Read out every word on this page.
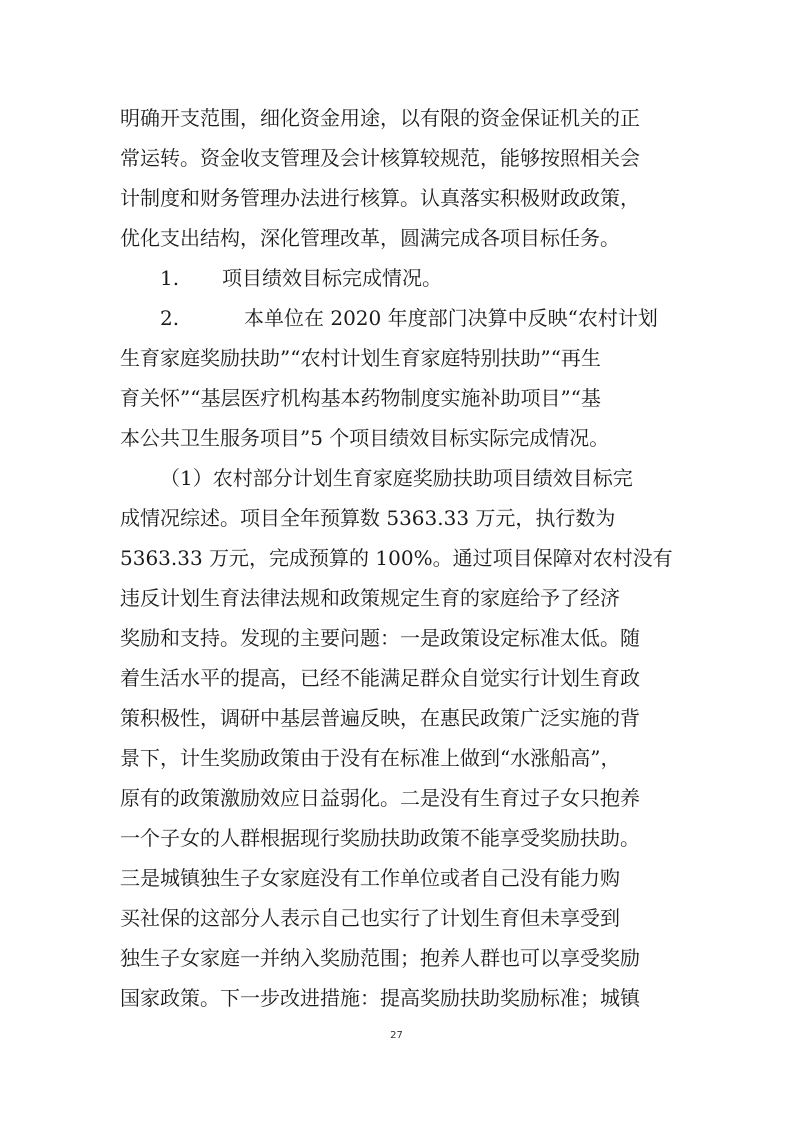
明确开支范围，细化资金用途，以有限的资金保证机关的正
常运转。资金收支管理及会计核算较规范，能够按照相关会
计制度和财务管理办法进行核算。认真落实积极财政政策，
优化支出结构，深化管理改革，圆满完成各项目标任务。
1. 项目绩效目标完成情况。
2.	本单位在 2020 年度部门决算中反映“农村计划
生育家庭奖励扶助”“农村计划生育家庭特别扶助”“再生
育关怀”“基层医疗机构基本药物制度实施补助项目”“基
本公共卫生服务项目”5 个项目绩效目标实际完成情况。
（1）农村部分计划生育家庭奖励扶助项目绩效目标完
成情况综述。项目全年预算数 5363.33 万元，执行数为
5363.33 万元，完成预算的 100%。通过项目保障对农村没有
违反计划生育法律法规和政策规定生育的家庭给予了经济
奖励和支持。发现的主要问题：一是政策设定标准太低。随
着生活水平的提高，已经不能满足群众自觉实行计划生育政
策积极性，调研中基层普遍反映，在惠民政策广泛实施的背
景下，计生奖励政策由于没有在标准上做到“水涨船高”，
原有的政策激励效应日益弱化。二是没有生育过子女只抱养
一个子女的人群根据现行奖励扶助政策不能享受奖励扶助。
三是城镇独生子女家庭没有工作单位或者自己没有能力购
买社保的这部分人表示自己也实行了计划生育但未享受到
国家政策。下一步改进措施：提高奖励扶助奖励标准；城镇
27
独生子女家庭一并纳入奖励范围；抱养人群也可以享受奖励
